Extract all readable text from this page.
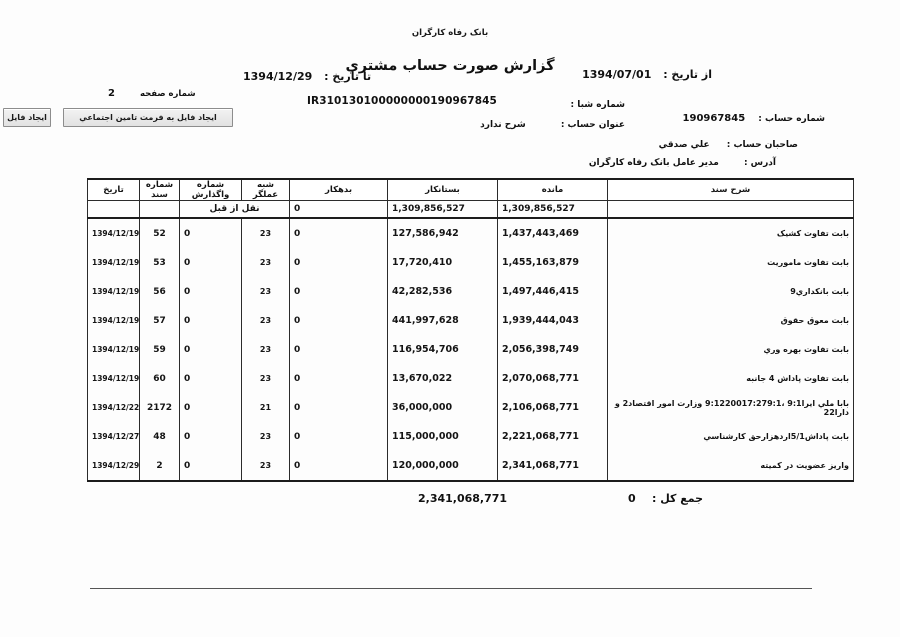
بانک رفاه کارگران
گزارش صورت حساب مشتري
از تاريخ : 1394/07/01
تا تاريخ : 1394/12/29
شماره صفحه 2
IR310130100000000190967845	شماره شبا :
شماره حساب : 190967845
عنوان حساب : شرح ندارد
صاحبان حساب : علي صدقي
آدرس : مدير عامل بانک رفاه کارگران
ايجاد فايل	ايجاد فايل به فرمت تامين اجتماعي
شرح سند	مانده	بستانکار	بدهکار	شبه عملگر	شماره واگذارش	شماره سند	تاريخ
	1,309,856,527	1,309,856,527	0	نقل از قبل			
بابت تفاوت کشيک	1,437,443,469	127,586,942	0	23	0	52	1394/12/19
بابت تفاوت ماموريت	1,455,163,879	17,720,410	0	23	0	53	1394/12/19
بابت بانکداري9	1,497,446,415	42,282,536	0	23	0	56	1394/12/19
بابت معوق حقوق	1,939,444,043	441,997,628	0	23	0	57	1394/12/19
بابت تفاوت بهره وري	2,056,398,749	116,954,706	0	23	0	59	1394/12/19
بابت تفاوت پاداش 4 جانبه	2,070,068,771	13,670,022	0	23	0	60	1394/12/19
بابا ملي ايرا9:1 ،9:1220017:279:1 وزارت امور اقتصاد2 و دارا22	2,106,068,771	36,000,000	0	21	0	2172	1394/12/22
بابت پاداش5/1اردهزارحق کارشناسي	2,221,068,771	115,000,000	0	23	0	48	1394/12/27
واريز عضويت در کميته	2,341,068,771	120,000,000	0	23	0	2	1394/12/29
2,341,068,771	0 جمع کل :
